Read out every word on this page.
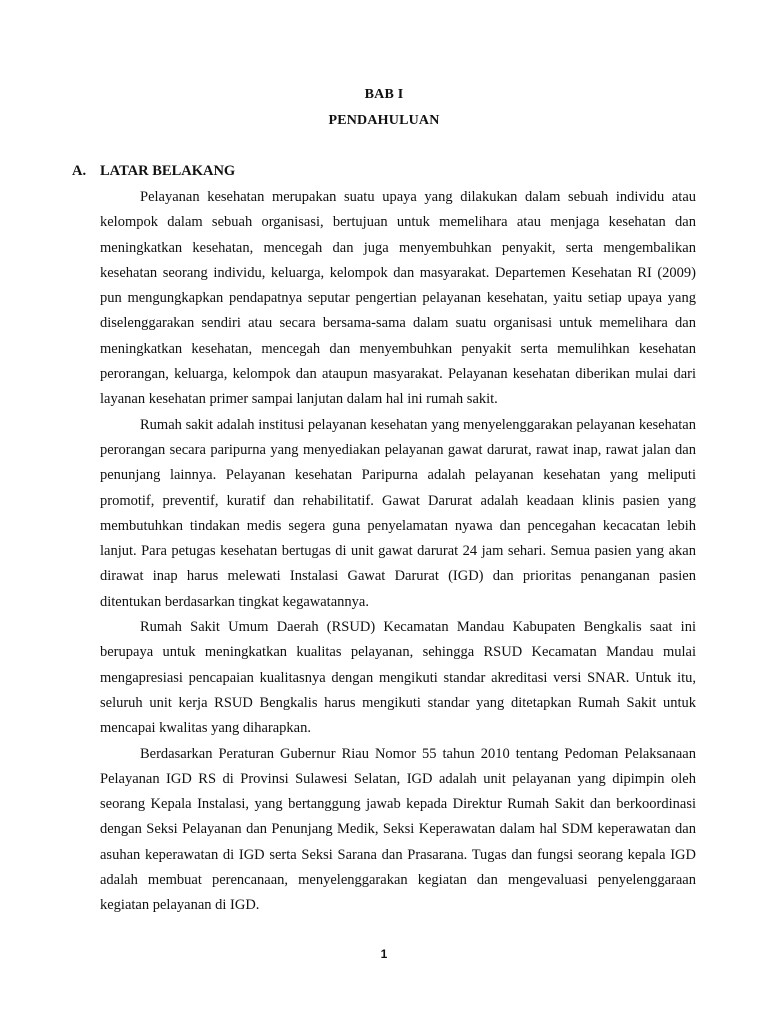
BAB I
PENDAHULUAN
A. LATAR BELAKANG

Pelayanan kesehatan merupakan suatu upaya yang dilakukan dalam sebuah individu atau kelompok dalam sebuah organisasi, bertujuan untuk memelihara atau menjaga kesehatan dan meningkatkan kesehatan, mencegah dan juga menyembuhkan penyakit, serta mengembalikan kesehatan seorang individu, keluarga, kelompok dan masyarakat. Departemen Kesehatan RI (2009) pun mengungkapkan pendapatnya seputar pengertian pelayanan kesehatan, yaitu setiap upaya yang diselenggarakan sendiri atau secara bersama-sama dalam suatu organisasi untuk memelihara dan meningkatkan kesehatan, mencegah dan menyembuhkan penyakit serta memulihkan kesehatan perorangan, keluarga, kelompok dan ataupun masyarakat. Pelayanan kesehatan diberikan mulai dari layanan kesehatan primer sampai lanjutan dalam hal ini rumah sakit.

Rumah sakit adalah institusi pelayanan kesehatan yang menyelenggarakan pelayanan kesehatan perorangan secara paripurna yang menyediakan pelayanan gawat darurat, rawat inap, rawat jalan dan penunjang lainnya. Pelayanan kesehatan Paripurna adalah pelayanan kesehatan yang meliputi promotif, preventif, kuratif dan rehabilitatif. Gawat Darurat adalah keadaan klinis pasien yang membutuhkan tindakan medis segera guna penyelamatan nyawa dan pencegahan kecacatan lebih lanjut. Para petugas kesehatan bertugas di unit gawat darurat 24 jam sehari. Semua pasien yang akan dirawat inap harus melewati Instalasi Gawat Darurat (IGD) dan prioritas penanganan pasien ditentukan berdasarkan tingkat kegawatannya.

Rumah Sakit Umum Daerah (RSUD) Kecamatan Mandau Kabupaten Bengkalis saat ini berupaya untuk meningkatkan kualitas pelayanan, sehingga RSUD Kecamatan Mandau mulai mengapresiasi pencapaian kualitasnya dengan mengikuti standar akreditasi versi SNAR. Untuk itu, seluruh unit kerja RSUD Bengkalis harus mengikuti standar yang ditetapkan Rumah Sakit untuk mencapai kwalitas yang diharapkan.

Berdasarkan Peraturan Gubernur Riau Nomor 55 tahun 2010 tentang Pedoman Pelaksanaan Pelayanan IGD RS di Provinsi Sulawesi Selatan, IGD adalah unit pelayanan yang dipimpin oleh seorang Kepala Instalasi, yang bertanggung jawab kepada Direktur Rumah Sakit dan berkoordinasi dengan Seksi Pelayanan dan Penunjang Medik, Seksi Keperawatan dalam hal SDM keperawatan dan asuhan keperawatan di IGD serta Seksi Sarana dan Prasarana. Tugas dan fungsi seorang kepala IGD adalah membuat perencanaan, menyelenggarakan kegiatan dan mengevaluasi penyelenggaraan kegiatan pelayanan di IGD.

1
